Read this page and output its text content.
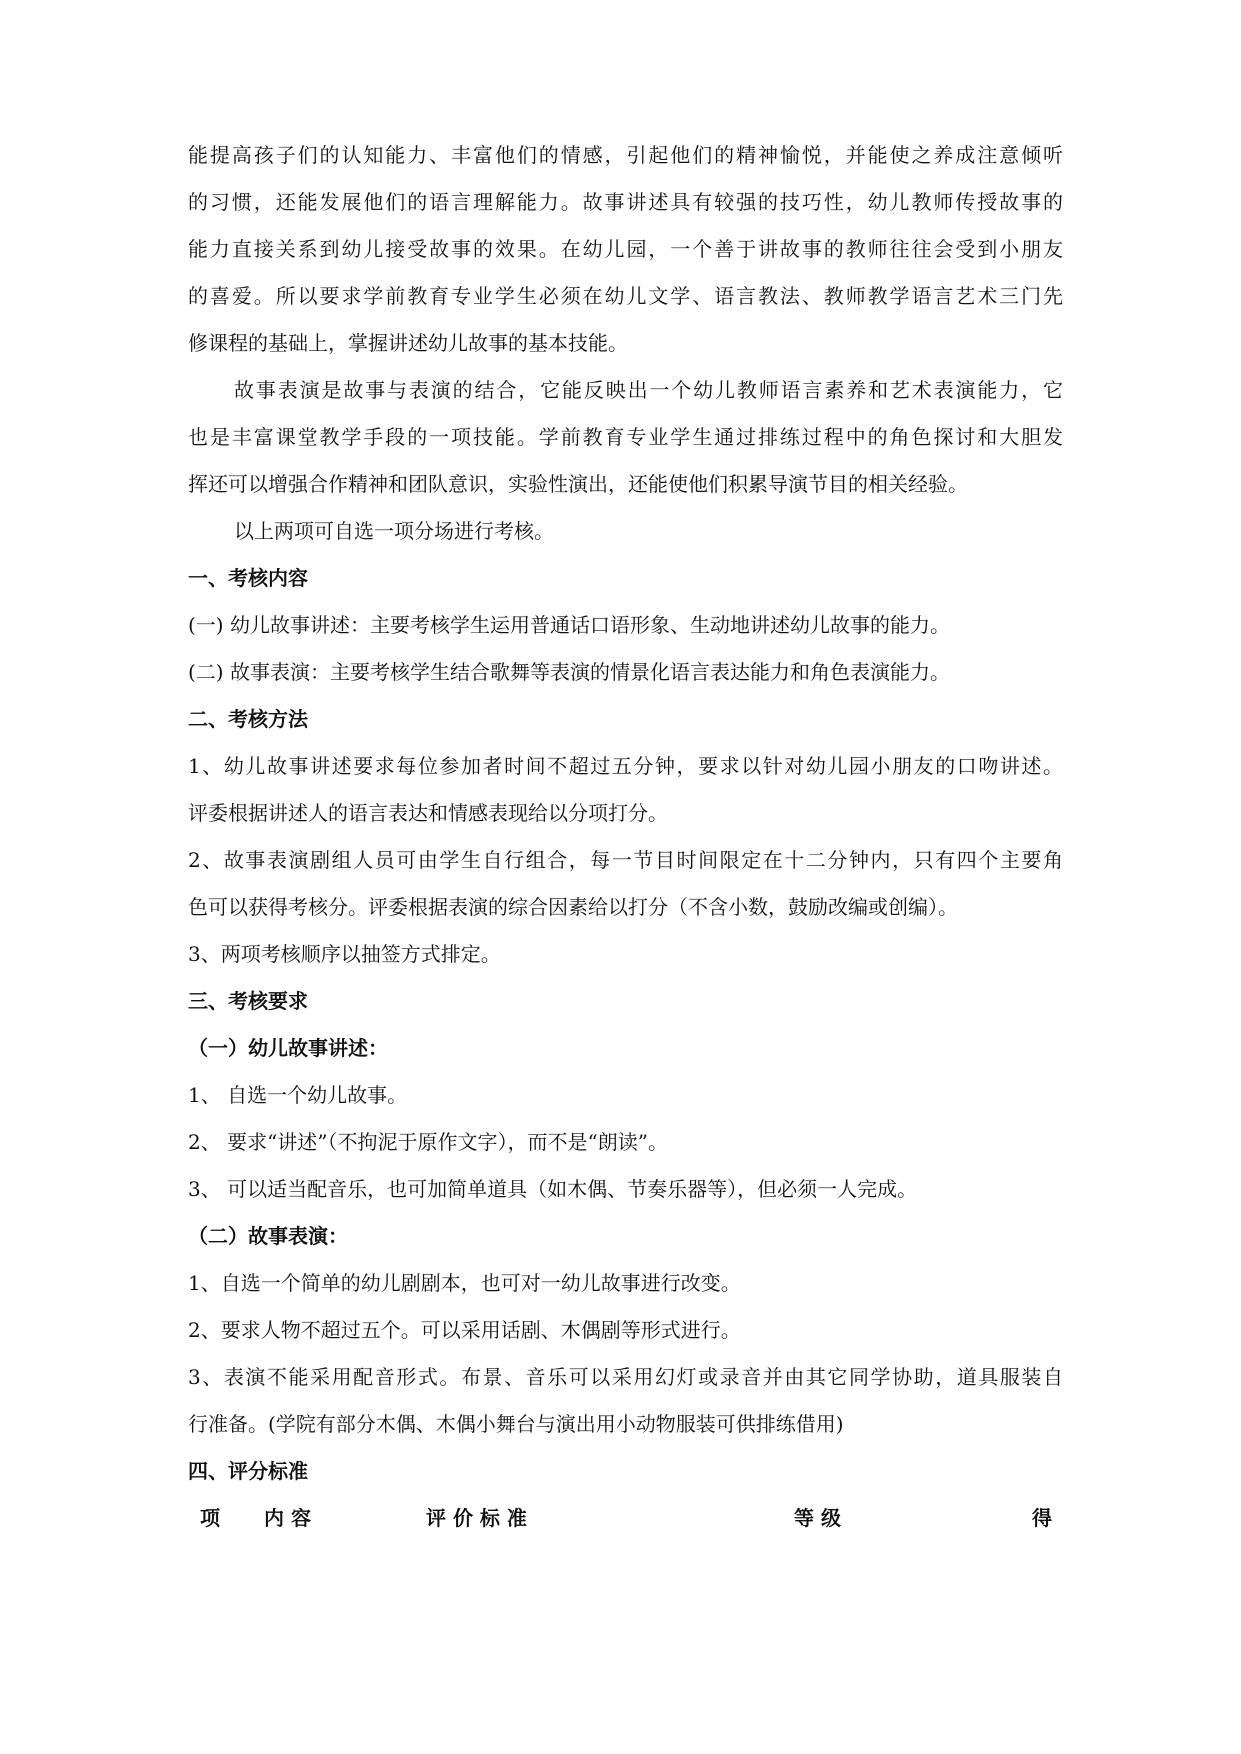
能提高孩子们的认知能力、丰富他们的情感，引起他们的精神愉悦，并能使之养成注意倾听

的习惯，还能发展他们的语言理解能力。故事讲述具有较强的技巧性，幼儿教师传授故事的

能力直接关系到幼儿接受故事的效果。在幼儿园，一个善于讲故事的教师往往会受到小朋友

的喜爱。所以要求学前教育专业学生必须在幼儿文学、语言教法、教师教学语言艺术三门先

修课程的基础上，掌握讲述幼儿故事的基本技能。

故事表演是故事与表演的结合，它能反映出一个幼儿教师语言素养和艺术表演能力，它

也是丰富课堂教学手段的一项技能。学前教育专业学生通过排练过程中的角色探讨和大胆发

挥还可以增强合作精神和团队意识，实验性演出，还能使他们积累导演节目的相关经验。

以上两项可自选一项分场进行考核。

一、考核内容

(一) 幼儿故事讲述：主要考核学生运用普通话口语形象、生动地讲述幼儿故事的能力。

(二) 故事表演：主要考核学生结合歌舞等表演的情景化语言表达能力和角色表演能力。

二、考核方法

1、幼儿故事讲述要求每位参加者时间不超过五分钟，要求以针对幼儿园小朋友的口吻讲述。

评委根据讲述人的语言表达和情感表现给以分项打分。

2、故事表演剧组人员可由学生自行组合，每一节目时间限定在十二分钟内，只有四个主要角

色可以获得考核分。评委根据表演的综合因素给以打分（不含小数，鼓励改编或创编）。

3、两项考核顺序以抽签方式排定。

三、考核要求

（一）幼儿故事讲述：

1、 自选一个幼儿故事。

2、 要求“讲述”（不拘泥于原作文字），而不是“朗读”。

3、 可以适当配音乐，也可加简单道具（如木偶、节奏乐器等），但必须一人完成。

（二）故事表演：

1、自选一个简单的幼儿剧剧本，也可对一幼儿故事进行改变。

2、要求人物不超过五个。可以采用话剧、木偶剧等形式进行。

3、表演不能采用配音形式。布景、音乐可以采用幻灯或录音并由其它同学协助，道具服装自

行准备。(学院有部分木偶、木偶小舞台与演出用小动物服装可供排练借用)

四、评分标准

项 内 容	评 价 标 准	等 级	得
